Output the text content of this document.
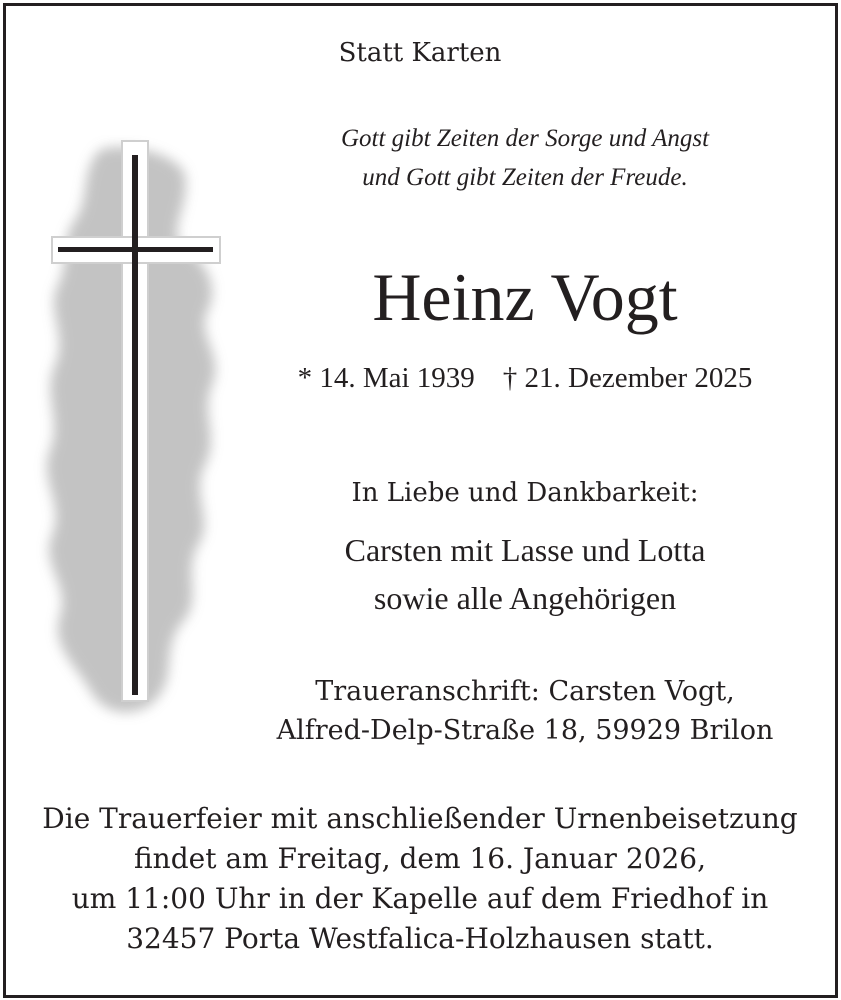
Statt Karten
Gott gibt Zeiten der Sorge und Angst
und Gott gibt Zeiten der Freude.
Heinz Vogt
* 14. Mai 1939 † 21. Dezember 2025
In Liebe und Dankbarkeit:
Carsten mit Lasse und Lotta
sowie alle Angehörigen
Traueranschrift: Carsten Vogt,
Alfred-Delp-Straße 18, 59929 Brilon
Die Trauerfeier mit anschließender Urnenbeisetzung
findet am Freitag, dem 16. Januar 2026,
um 11:00 Uhr in der Kapelle auf dem Friedhof in
32457 Porta Westfalica-Holzhausen statt.
